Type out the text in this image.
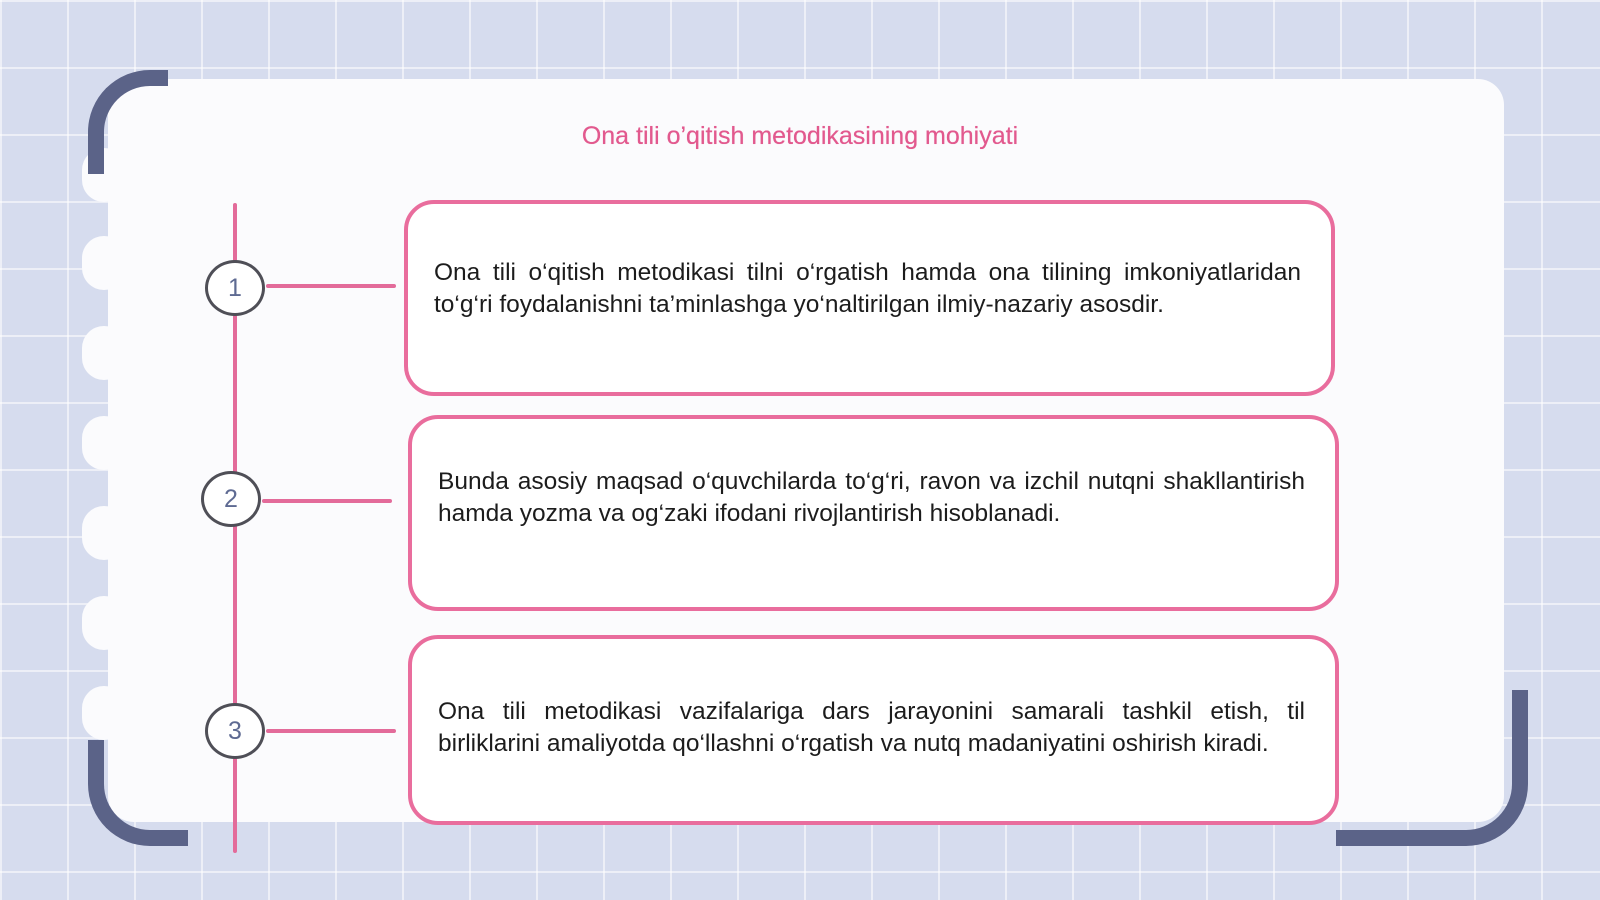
Ona tili o’qitish metodikasining mohiyati
1
2
3

Ona tili o‘qitish metodikasi tilni o‘rgatish hamda ona tilining imkoniyatlaridan to‘g‘ri foydalanishni ta’minlashga yo‘naltirilgan ilmiy-nazariy asosdir.

Bunda asosiy maqsad o‘quvchilarda to‘g‘ri, ravon va izchil nutqni shakllantirish hamda yozma va og‘zaki ifodani rivojlantirish hisoblanadi.

Ona tili metodikasi vazifalariga dars jarayonini samarali tashkil etish, til birliklarini amaliyotda qo‘llashni o‘rgatish va nutq madaniyatini oshirish kiradi.
